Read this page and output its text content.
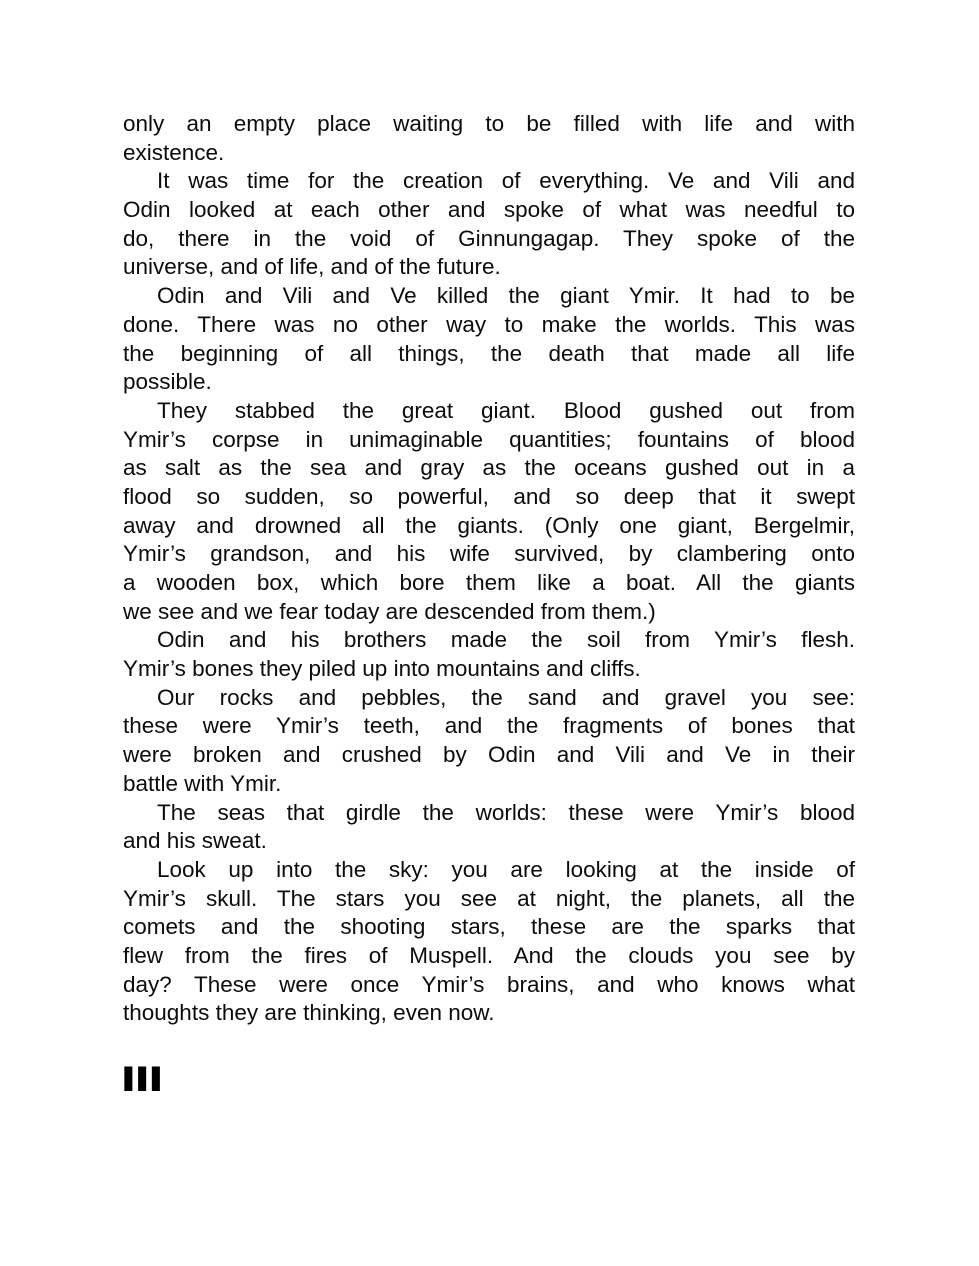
only an empty place waiting to be filled with life and with
existence.
It was time for the creation of everything. Ve and Vili and
Odin looked at each other and spoke of what was needful to
do, there in the void of Ginnungagap. They spoke of the
universe, and of life, and of the future.
Odin and Vili and Ve killed the giant Ymir. It had to be
done. There was no other way to make the worlds. This was
the beginning of all things, the death that made all life
possible.
They stabbed the great giant. Blood gushed out from
Ymir’s corpse in unimaginable quantities; fountains of blood
as salt as the sea and gray as the oceans gushed out in a
flood so sudden, so powerful, and so deep that it swept
away and drowned all the giants. (Only one giant, Bergelmir,
Ymir’s grandson, and his wife survived, by clambering onto
a wooden box, which bore them like a boat. All the giants
we see and we fear today are descended from them.)
Odin and his brothers made the soil from Ymir’s flesh.
Ymir’s bones they piled up into mountains and cliffs.
Our rocks and pebbles, the sand and gravel you see:
these were Ymir’s teeth, and the fragments of bones that
were broken and crushed by Odin and Vili and Ve in their
battle with Ymir.
The seas that girdle the worlds: these were Ymir’s blood
and his sweat.
Look up into the sky: you are looking at the inside of
Ymir’s skull. The stars you see at night, the planets, all the
comets and the shooting stars, these are the sparks that
flew from the fires of Muspell. And the clouds you see by
day? These were once Ymir’s brains, and who knows what
thoughts they are thinking, even now.
III
